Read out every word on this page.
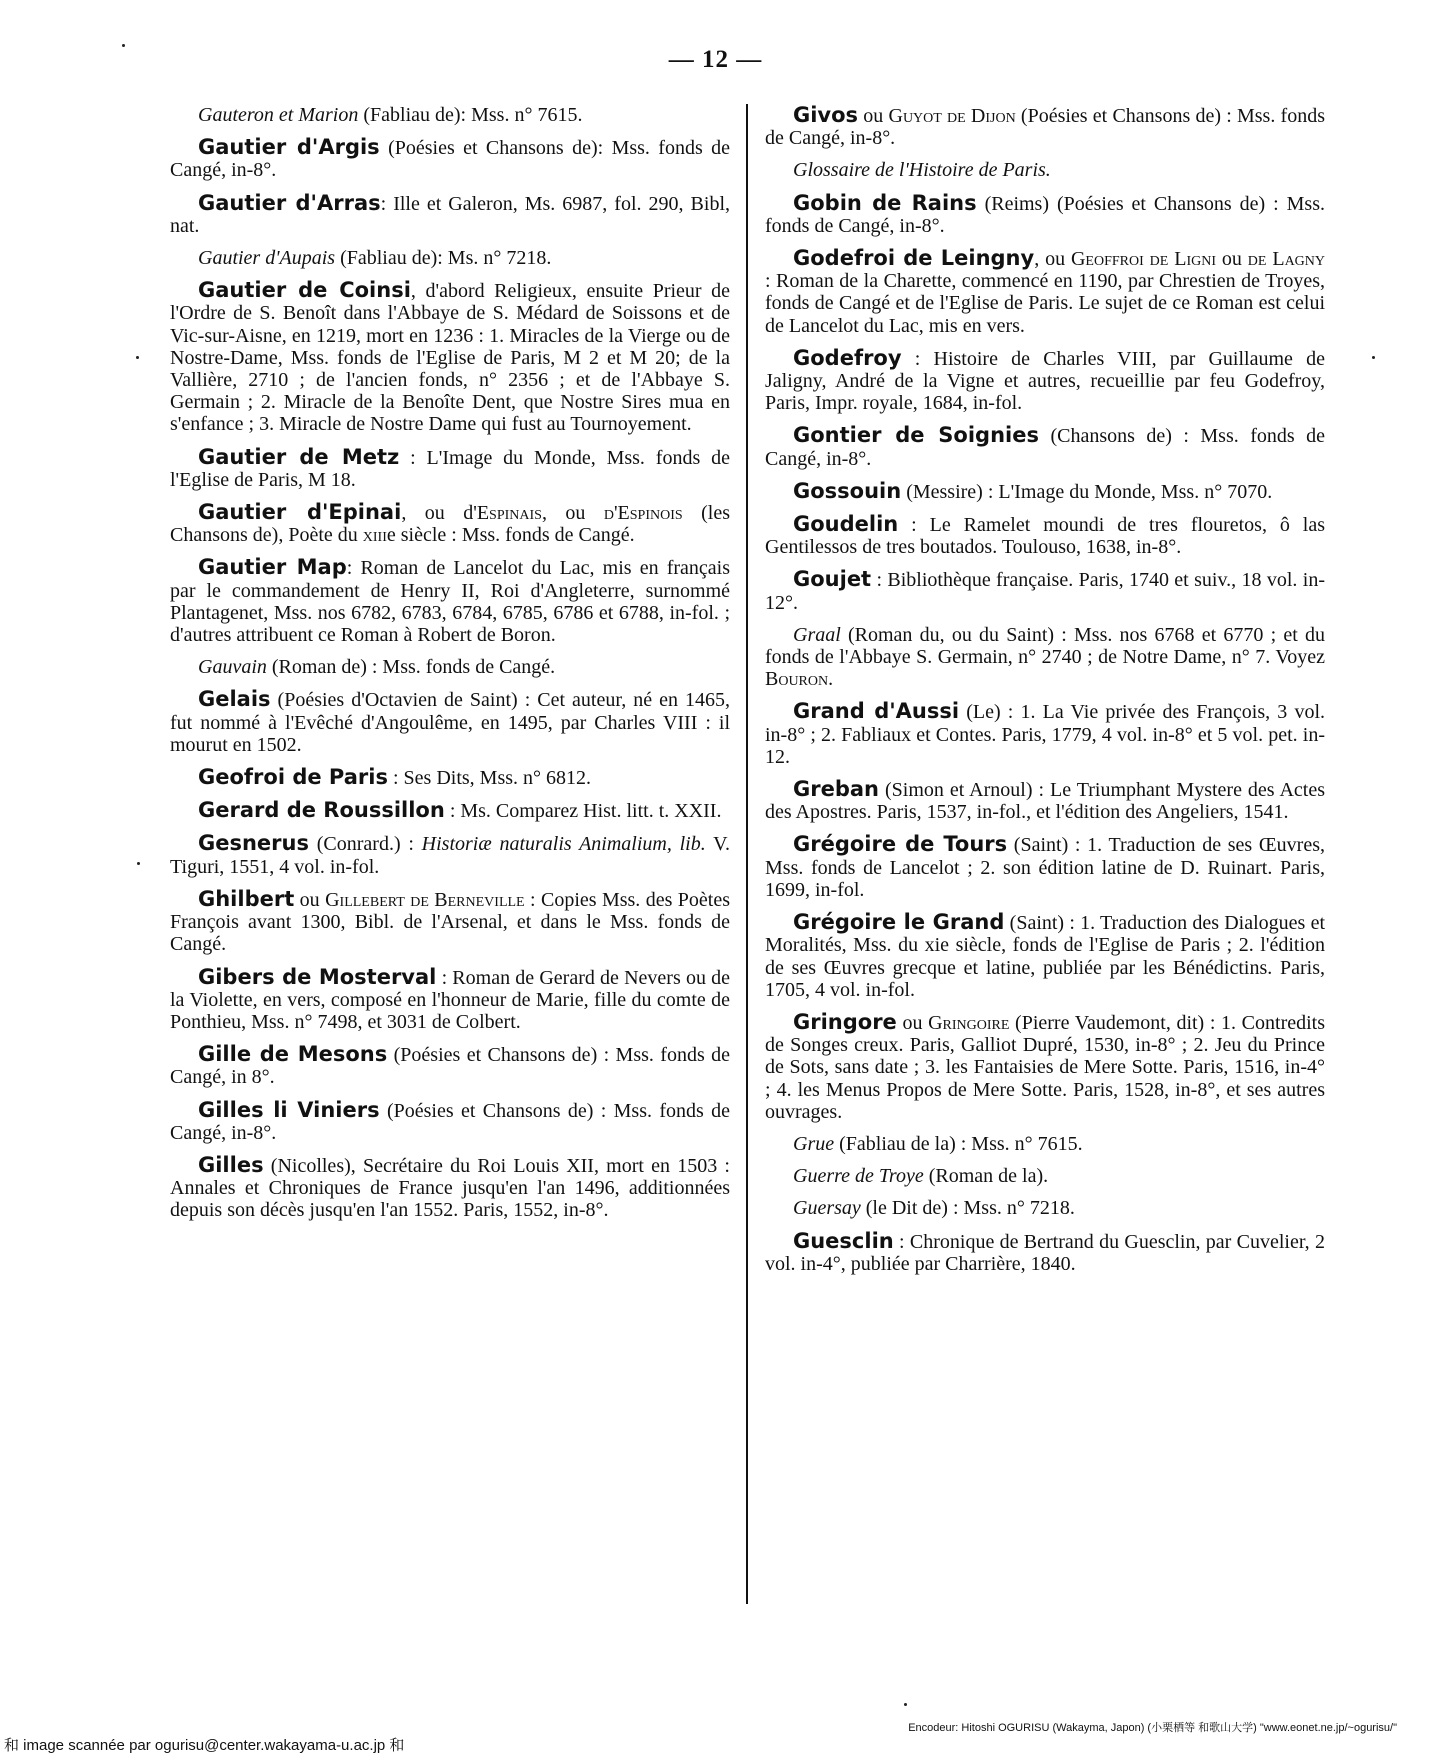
— 12 —

Gauteron et Marion (Fabliau de): Mss. n° 7615.

Gautier d'Argis (Poésies et Chansons de): Mss. fonds de Cangé, in-8°.

Gautier d'Arras: Ille et Galeron, Ms. 6987, fol. 290, Bibl, nat.

Gautier d'Aupais (Fabliau de): Ms. n° 7218.

Gautier de Coinsi, d'abord Religieux, ensuite Prieur de l'Ordre de S. Benoît dans l'Abbaye de S. Médard de Soissons et de Vic-sur-Aisne, en 1219, mort en 1236 : 1. Miracles de la Vierge ou de Nostre-Dame, Mss. fonds de l'Eglise de Paris, M 2 et M 20; de la Vallière, 2710 ; de l'ancien fonds, n° 2356 ; et de l'Abbaye S. Germain ; 2. Miracle de la Benoîte Dent, que Nostre Sires mua en s'enfance ; 3. Miracle de Nostre Dame qui fust au Tournoyement.

Gautier de Metz : L'Image du Monde, Mss. fonds de l'Eglise de Paris, M 18.

Gautier d'Epinai, ou d'Espinais, ou d'Espinois (les Chansons de), Poète du xiiie siècle : Mss. fonds de Cangé.

Gautier Map: Roman de Lancelot du Lac, mis en français par le commandement de Henry II, Roi d'Angleterre, surnommé Plantagenet, Mss. nos 6782, 6783, 6784, 6785, 6786 et 6788, in-fol. ; d'autres attribuent ce Roman à Robert de Boron.

Gauvain (Roman de) : Mss. fonds de Cangé.

Gelais (Poésies d'Octavien de Saint) : Cet auteur, né en 1465, fut nommé à l'Evêché d'Angoulême, en 1495, par Charles VIII : il mourut en 1502.

Geofroi de Paris : Ses Dits, Mss. n° 6812.

Gerard de Roussillon : Ms. Comparez Hist. litt. t. XXII.

Gesnerus (Conrard.) : Historiæ naturalis Animalium, lib. V. Tiguri, 1551, 4 vol. in-fol.

Ghilbert ou Gillebert de Berneville : Copies Mss. des Poètes François avant 1300, Bibl. de l'Arsenal, et dans le Mss. fonds de Cangé.

Gibers de Mosterval : Roman de Gerard de Nevers ou de la Violette, en vers, composé en l'honneur de Marie, fille du comte de Ponthieu, Mss. n° 7498, et 3031 de Colbert.

Gille de Mesons (Poésies et Chansons de) : Mss. fonds de Cangé, in 8°.

Gilles li Viniers (Poésies et Chansons de) : Mss. fonds de Cangé, in-8°.

Gilles (Nicolles), Secrétaire du Roi Louis XII, mort en 1503 : Annales et Chroniques de France jusqu'en l'an 1496, additionnées depuis son décès jusqu'en l'an 1552. Paris, 1552, in-8°.

Givos ou Guyot de Dijon (Poésies et Chansons de) : Mss. fonds de Cangé, in-8°.

Glossaire de l'Histoire de Paris.

Gobin de Rains (Reims) (Poésies et Chansons de) : Mss. fonds de Cangé, in-8°.

Godefroi de Leingny, ou Geoffroi de Ligni ou de Lagny : Roman de la Charette, commencé en 1190, par Chrestien de Troyes, fonds de Cangé et de l'Eglise de Paris. Le sujet de ce Roman est celui de Lancelot du Lac, mis en vers.

Godefroy : Histoire de Charles VIII, par Guillaume de Jaligny, André de la Vigne et autres, recueillie par feu Godefroy, Paris, Impr. royale, 1684, in-fol.

Gontier de Soignies (Chansons de) : Mss. fonds de Cangé, in-8°.

Gossouin (Messire) : L'Image du Monde, Mss. n° 7070.

Goudelin : Le Ramelet moundi de tres flouretos, ô las Gentilessos de tres boutados. Toulouso, 1638, in-8°.

Goujet : Bibliothèque française. Paris, 1740 et suiv., 18 vol. in-12°.

Graal (Roman du, ou du Saint) : Mss. nos 6768 et 6770 ; et du fonds de l'Abbaye S. Germain, n° 2740 ; de Notre Dame, n° 7. Voyez Bouron.

Grand d'Aussi (Le) : 1. La Vie privée des François, 3 vol. in-8° ; 2. Fabliaux et Contes. Paris, 1779, 4 vol. in-8° et 5 vol. pet. in-12.

Greban (Simon et Arnoul) : Le Triumphant Mystere des Actes des Apostres. Paris, 1537, in-fol., et l'édition des Angeliers, 1541.

Grégoire de Tours (Saint) : 1. Traduction de ses Œuvres, Mss. fonds de Lancelot ; 2. son édition latine de D. Ruinart. Paris, 1699, in-fol.

Grégoire le Grand (Saint) : 1. Traduction des Dialogues et Moralités, Mss. du xie siècle, fonds de l'Eglise de Paris ; 2. l'édition de ses Œuvres grecque et latine, publiée par les Bénédictins. Paris, 1705, 4 vol. in-fol.

Gringore ou Gringoire (Pierre Vaudemont, dit) : 1. Contredits de Songes creux. Paris, Galliot Dupré, 1530, in-8° ; 2. Jeu du Prince de Sots, sans date ; 3. les Fantaisies de Mere Sotte. Paris, 1516, in-4° ; 4. les Menus Propos de Mere Sotte. Paris, 1528, in-8°, et ses autres ouvrages.

Grue (Fabliau de la) : Mss. n° 7615.

Guerre de Troye (Roman de la).

Guersay (le Dit de) : Mss. n° 7218.

Guesclin : Chronique de Bertrand du Guesclin, par Cuvelier, 2 vol. in-4°, publiée par Charrière, 1840.

Encodeur: Hitoshi OGURISU (Wakayma, Japon) (小栗栖等 和歌山大学) "www.eonet.ne.jp/~ogurisu/"
和 image scannée par ogurisu@center.wakayama-u.ac.jp 和
